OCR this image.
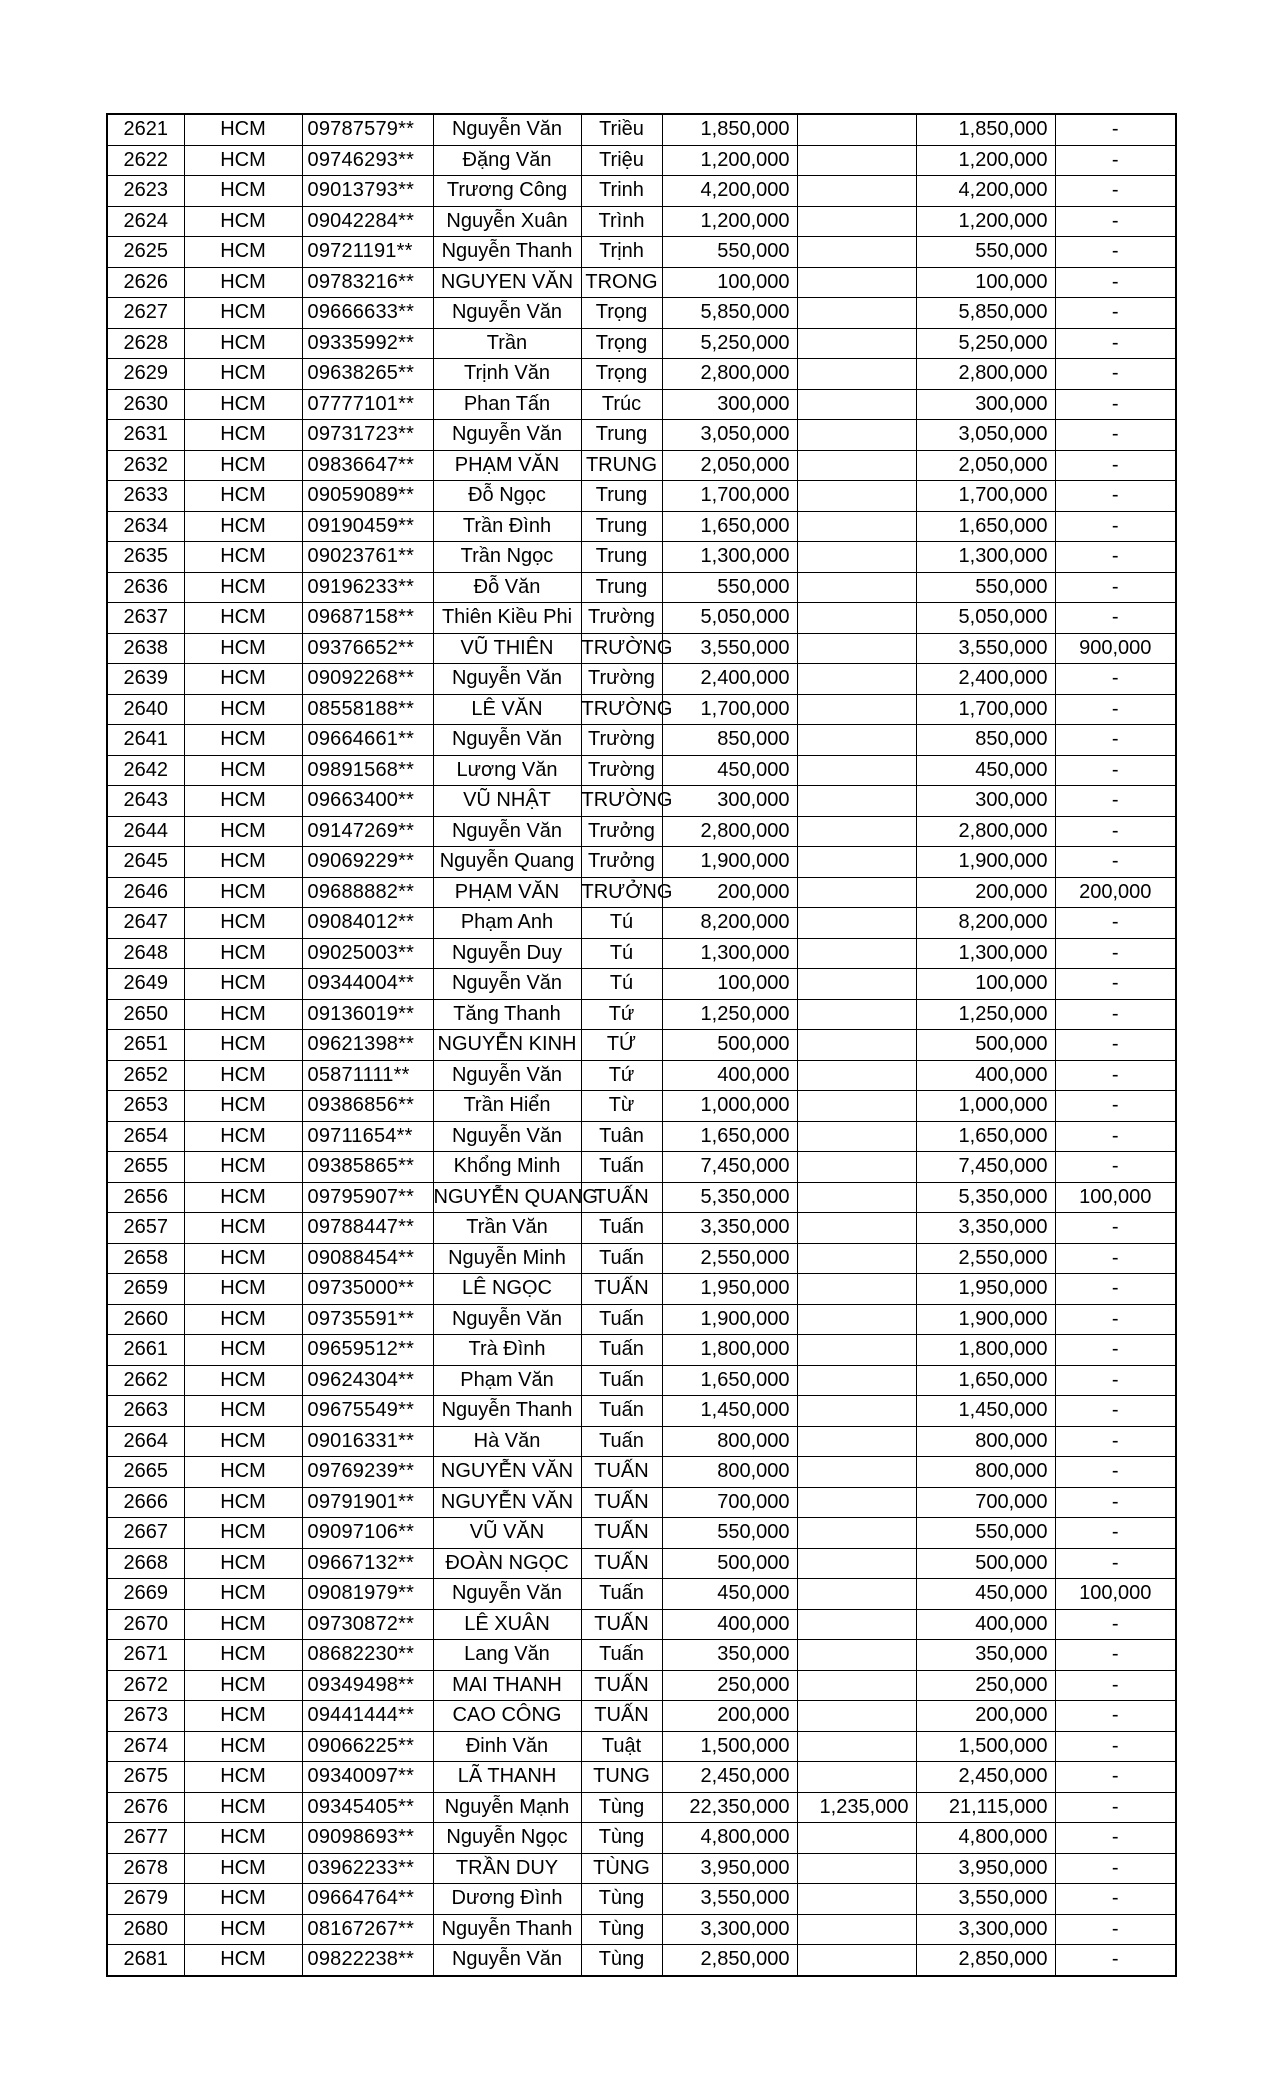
2621	HCM	09787579**	Nguyễn Văn	Triều	1,850,000		1,850,000	-
2622	HCM	09746293**	Đặng Văn	Triệu	1,200,000		1,200,000	-
2623	HCM	09013793**	Trương Công	Trinh	4,200,000		4,200,000	-
2624	HCM	09042284**	Nguyễn Xuân	Trình	1,200,000		1,200,000	-
2625	HCM	09721191**	Nguyễn Thanh	Trịnh	550,000		550,000	-
2626	HCM	09783216**	NGUYEN VĂN	TRONG	100,000		100,000	-
2627	HCM	09666633**	Nguyễn Văn	Trọng	5,850,000		5,850,000	-
2628	HCM	09335992**	Trần	Trọng	5,250,000		5,250,000	-
2629	HCM	09638265**	Trịnh Văn	Trọng	2,800,000		2,800,000	-
2630	HCM	07777101**	Phan Tấn	Trúc	300,000		300,000	-
2631	HCM	09731723**	Nguyễn Văn	Trung	3,050,000		3,050,000	-
2632	HCM	09836647**	PHẠM VĂN	TRUNG	2,050,000		2,050,000	-
2633	HCM	09059089**	Đỗ Ngọc	Trung	1,700,000		1,700,000	-
2634	HCM	09190459**	Trần Đình	Trung	1,650,000		1,650,000	-
2635	HCM	09023761**	Trần Ngọc	Trung	1,300,000		1,300,000	-
2636	HCM	09196233**	Đỗ Văn	Trung	550,000		550,000	-
2637	HCM	09687158**	Thiên Kiều Phi	Trường	5,050,000		5,050,000	-
2638	HCM	09376652**	VŨ THIÊN	TRƯỜNG	3,550,000		3,550,000	900,000
2639	HCM	09092268**	Nguyễn Văn	Trường	2,400,000		2,400,000	-
2640	HCM	08558188**	LÊ VĂN	TRƯỜNG	1,700,000		1,700,000	-
2641	HCM	09664661**	Nguyễn Văn	Trường	850,000		850,000	-
2642	HCM	09891568**	Lương Văn	Trường	450,000		450,000	-
2643	HCM	09663400**	VŨ NHẬT	TRƯỜNG	300,000		300,000	-
2644	HCM	09147269**	Nguyễn Văn	Trưởng	2,800,000		2,800,000	-
2645	HCM	09069229**	Nguyễn Quang	Trưởng	1,900,000		1,900,000	-
2646	HCM	09688882**	PHẠM VĂN	TRƯỞNG	200,000		200,000	200,000
2647	HCM	09084012**	Phạm Anh	Tú	8,200,000		8,200,000	-
2648	HCM	09025003**	Nguyễn Duy	Tú	1,300,000		1,300,000	-
2649	HCM	09344004**	Nguyễn Văn	Tú	100,000		100,000	-
2650	HCM	09136019**	Tăng Thanh	Tứ	1,250,000		1,250,000	-
2651	HCM	09621398**	NGUYỄN KINH	TỨ	500,000		500,000	-
2652	HCM	05871111**	Nguyễn Văn	Tứ	400,000		400,000	-
2653	HCM	09386856**	Trần Hiển	Từ	1,000,000		1,000,000	-
2654	HCM	09711654**	Nguyễn Văn	Tuân	1,650,000		1,650,000	-
2655	HCM	09385865**	Khổng Minh	Tuấn	7,450,000		7,450,000	-
2656	HCM	09795907**	NGUYỄN QUANG	TUẤN	5,350,000		5,350,000	100,000
2657	HCM	09788447**	Trần Văn	Tuấn	3,350,000		3,350,000	-
2658	HCM	09088454**	Nguyễn Minh	Tuấn	2,550,000		2,550,000	-
2659	HCM	09735000**	LÊ NGỌC	TUẤN	1,950,000		1,950,000	-
2660	HCM	09735591**	Nguyễn Văn	Tuấn	1,900,000		1,900,000	-
2661	HCM	09659512**	Trà Đình	Tuấn	1,800,000		1,800,000	-
2662	HCM	09624304**	Phạm Văn	Tuấn	1,650,000		1,650,000	-
2663	HCM	09675549**	Nguyễn Thanh	Tuấn	1,450,000		1,450,000	-
2664	HCM	09016331**	Hà Văn	Tuấn	800,000		800,000	-
2665	HCM	09769239**	NGUYỄN VĂN	TUẤN	800,000		800,000	-
2666	HCM	09791901**	NGUYỄN VĂN	TUẤN	700,000		700,000	-
2667	HCM	09097106**	VŨ VĂN	TUẤN	550,000		550,000	-
2668	HCM	09667132**	ĐOÀN NGỌC	TUẤN	500,000		500,000	-
2669	HCM	09081979**	Nguyễn Văn	Tuấn	450,000		450,000	100,000
2670	HCM	09730872**	LÊ XUÂN	TUẤN	400,000		400,000	-
2671	HCM	08682230**	Lang Văn	Tuấn	350,000		350,000	-
2672	HCM	09349498**	MAI THANH	TUẤN	250,000		250,000	-
2673	HCM	09441444**	CAO CÔNG	TUẤN	200,000		200,000	-
2674	HCM	09066225**	Đinh Văn	Tuật	1,500,000		1,500,000	-
2675	HCM	09340097**	LÃ THANH	TUNG	2,450,000		2,450,000	-
2676	HCM	09345405**	Nguyễn Mạnh	Tùng	22,350,000	1,235,000	21,115,000	-
2677	HCM	09098693**	Nguyễn Ngọc	Tùng	4,800,000		4,800,000	-
2678	HCM	03962233**	TRẦN DUY	TÙNG	3,950,000		3,950,000	-
2679	HCM	09664764**	Dương Đình	Tùng	3,550,000		3,550,000	-
2680	HCM	08167267**	Nguyễn Thanh	Tùng	3,300,000		3,300,000	-
2681	HCM	09822238**	Nguyễn Văn	Tùng	2,850,000		2,850,000	-
